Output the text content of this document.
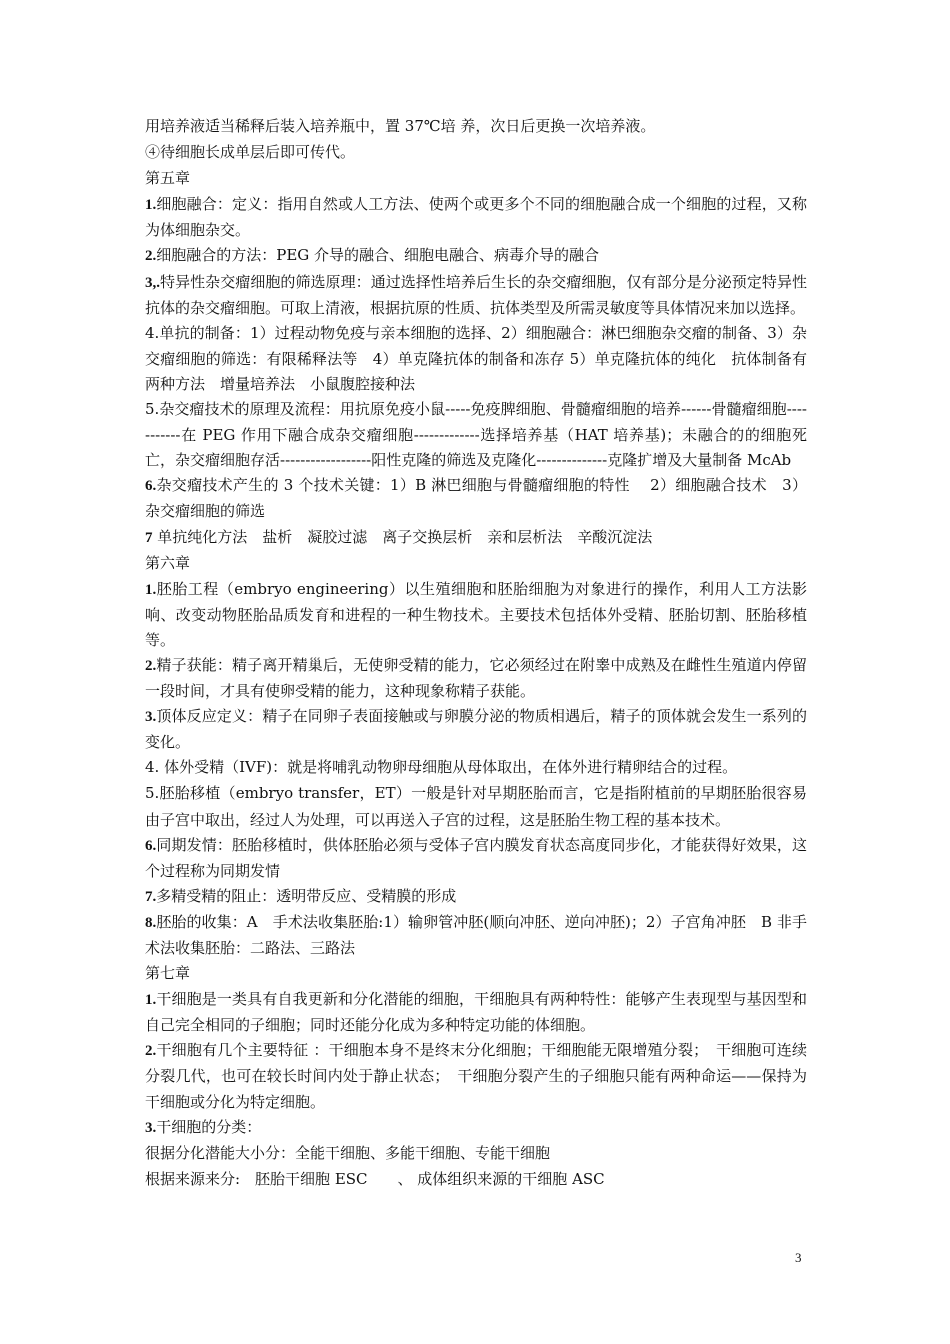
用培养液适当稀释后装入培养瓶中，置 37℃培 养，次日后更换一次培养液。

④待细胞长成单层后即可传代。

第五章

1.细胞融合：定义：指用自然或人工方法、使两个或更多个不同的细胞融合成一个细胞的过程，又称为体细胞杂交。

2.细胞融合的方法：PEG 介导的融合、细胞电融合、病毒介导的融合

3,.特异性杂交瘤细胞的筛选原理：通过选择性培养后生长的杂交瘤细胞，仅有部分是分泌预定特异性抗体的杂交瘤细胞。可取上清液，根据抗原的性质、抗体类型及所需灵敏度等具体情况来加以选择。

4.单抗的制备：1）过程动物免疫与亲本细胞的选择、2）细胞融合：淋巴细胞杂交瘤的制备、3）杂交瘤细胞的筛选：有限稀释法等　4）单克隆抗体的制备和冻存 5）单克隆抗体的纯化　抗体制备有两种方法　增量培养法　小鼠腹腔接种法

5.杂交瘤技术的原理及流程：用抗原免疫小鼠-----免疫脾细胞、骨髓瘤细胞的培养------骨髓瘤细胞-----------在 PEG 作用下融合成杂交瘤细胞-------------选择培养基（HAT 培养基)；未融合的的细胞死亡，杂交瘤细胞存活------------------阳性克隆的筛选及克隆化--------------克隆扩增及大量制备 McAb

6.杂交瘤技术产生的 3 个技术关键：1）B 淋巴细胞与骨髓瘤细胞的特性　 2）细胞融合技术　3）杂交瘤细胞的筛选

7 单抗纯化方法　盐析　凝胶过滤　离子交换层析　亲和层析法　辛酸沉淀法

第六章

1.胚胎工程（embryo engineering）以生殖细胞和胚胎细胞为对象进行的操作，利用人工方法影响、改变动物胚胎品质发育和进程的一种生物技术。主要技术包括体外受精、胚胎切割、胚胎移植等。

2.精子获能：精子离开精巢后，无使卵受精的能力，它必须经过在附睾中成熟及在雌性生殖道内停留一段时间，才具有使卵受精的能力，这种现象称精子获能。

3.顶体反应定义：精子在同卵子表面接触或与卵膜分泌的物质相遇后，精子的顶体就会发生一系列的变化。

4. 体外受精（IVF)：就是将哺乳动物卵母细胞从母体取出，在体外进行精卵结合的过程。

5.胚胎移植（embryo transfer，ET）一般是针对早期胚胎而言，它是指附植前的早期胚胎很容易由子宫中取出，经过人为处理，可以再送入子宫的过程，这是胚胎生物工程的基本技术。

6.同期发情：胚胎移植时，供体胚胎必须与受体子宫内膜发育状态高度同步化，才能获得好效果，这个过程称为同期发情

7.多精受精的阻止：透明带反应、受精膜的形成

8.胚胎的收集：A　手术法收集胚胎:1）输卵管冲胚(顺向冲胚、逆向冲胚)；2）子宫角冲胚　B 非手术法收集胚胎：二路法、三路法

第七章

1.干细胞是一类具有自我更新和分化潜能的细胞，干细胞具有两种特性：能够产生表现型与基因型和自己完全相同的子细胞；同时还能分化成为多种特定功能的体细胞。

2.干细胞有几个主要特征 ：干细胞本身不是终末分化细胞；干细胞能无限增殖分裂；　干细胞可连续分裂几代，也可在较长时间内处于静止状态；　干细胞分裂产生的子细胞只能有两种命运——保持为干细胞或分化为特定细胞。

3.干细胞的分类：

很据分化潜能大小分：全能干细胞、多能干细胞、专能干细胞

根据来源来分:　胚胎干细胞 ESC　　、 成体组织来源的干细胞 ASC

3
